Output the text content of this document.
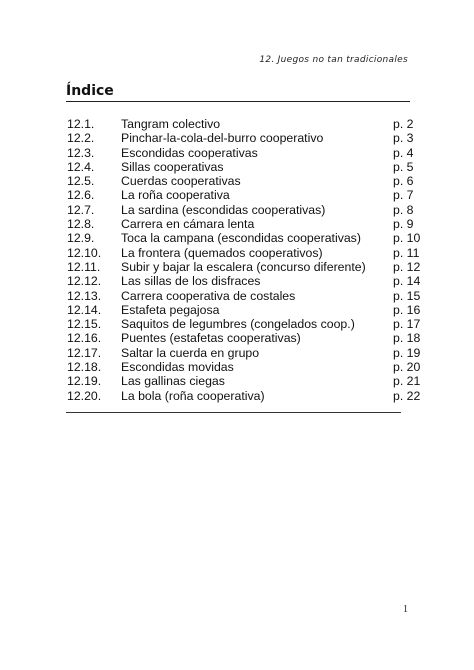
12. Juegos no tan tradicionales
Índice
12.1. Tangram colectivo	p. 2
12.2. Pinchar-la-cola-del-burro cooperativo	p. 3
12.3. Escondidas cooperativas	p. 4
12.4. Sillas cooperativas	p. 5
12.5. Cuerdas cooperativas	p. 6
12.6. La roña cooperativa	p. 7
12.7. La sardina (escondidas cooperativas)	p. 8
12.8. Carrera en cámara lenta	p. 9
12.9. Toca la campana (escondidas cooperativas)	p. 10
12.10. La frontera (quemados cooperativos)	p. 11
12.11. Subir y bajar la escalera (concurso diferente) p. 12
12.12. Las sillas de los disfraces	p. 14
12.13. Carrera cooperativa de costales	p. 15
12.14. Estafeta pegajosa	p. 16
12.15. Saquitos de legumbres (congelados coop.)	p. 17
12.16. Puentes (estafetas cooperativas)	p. 18
12.17. Saltar la cuerda en grupo	p. 19
12.18. Escondidas movidas	p. 20
12.19. Las gallinas ciegas	p. 21
12.20. La bola (roña cooperativa)	p. 22
1
